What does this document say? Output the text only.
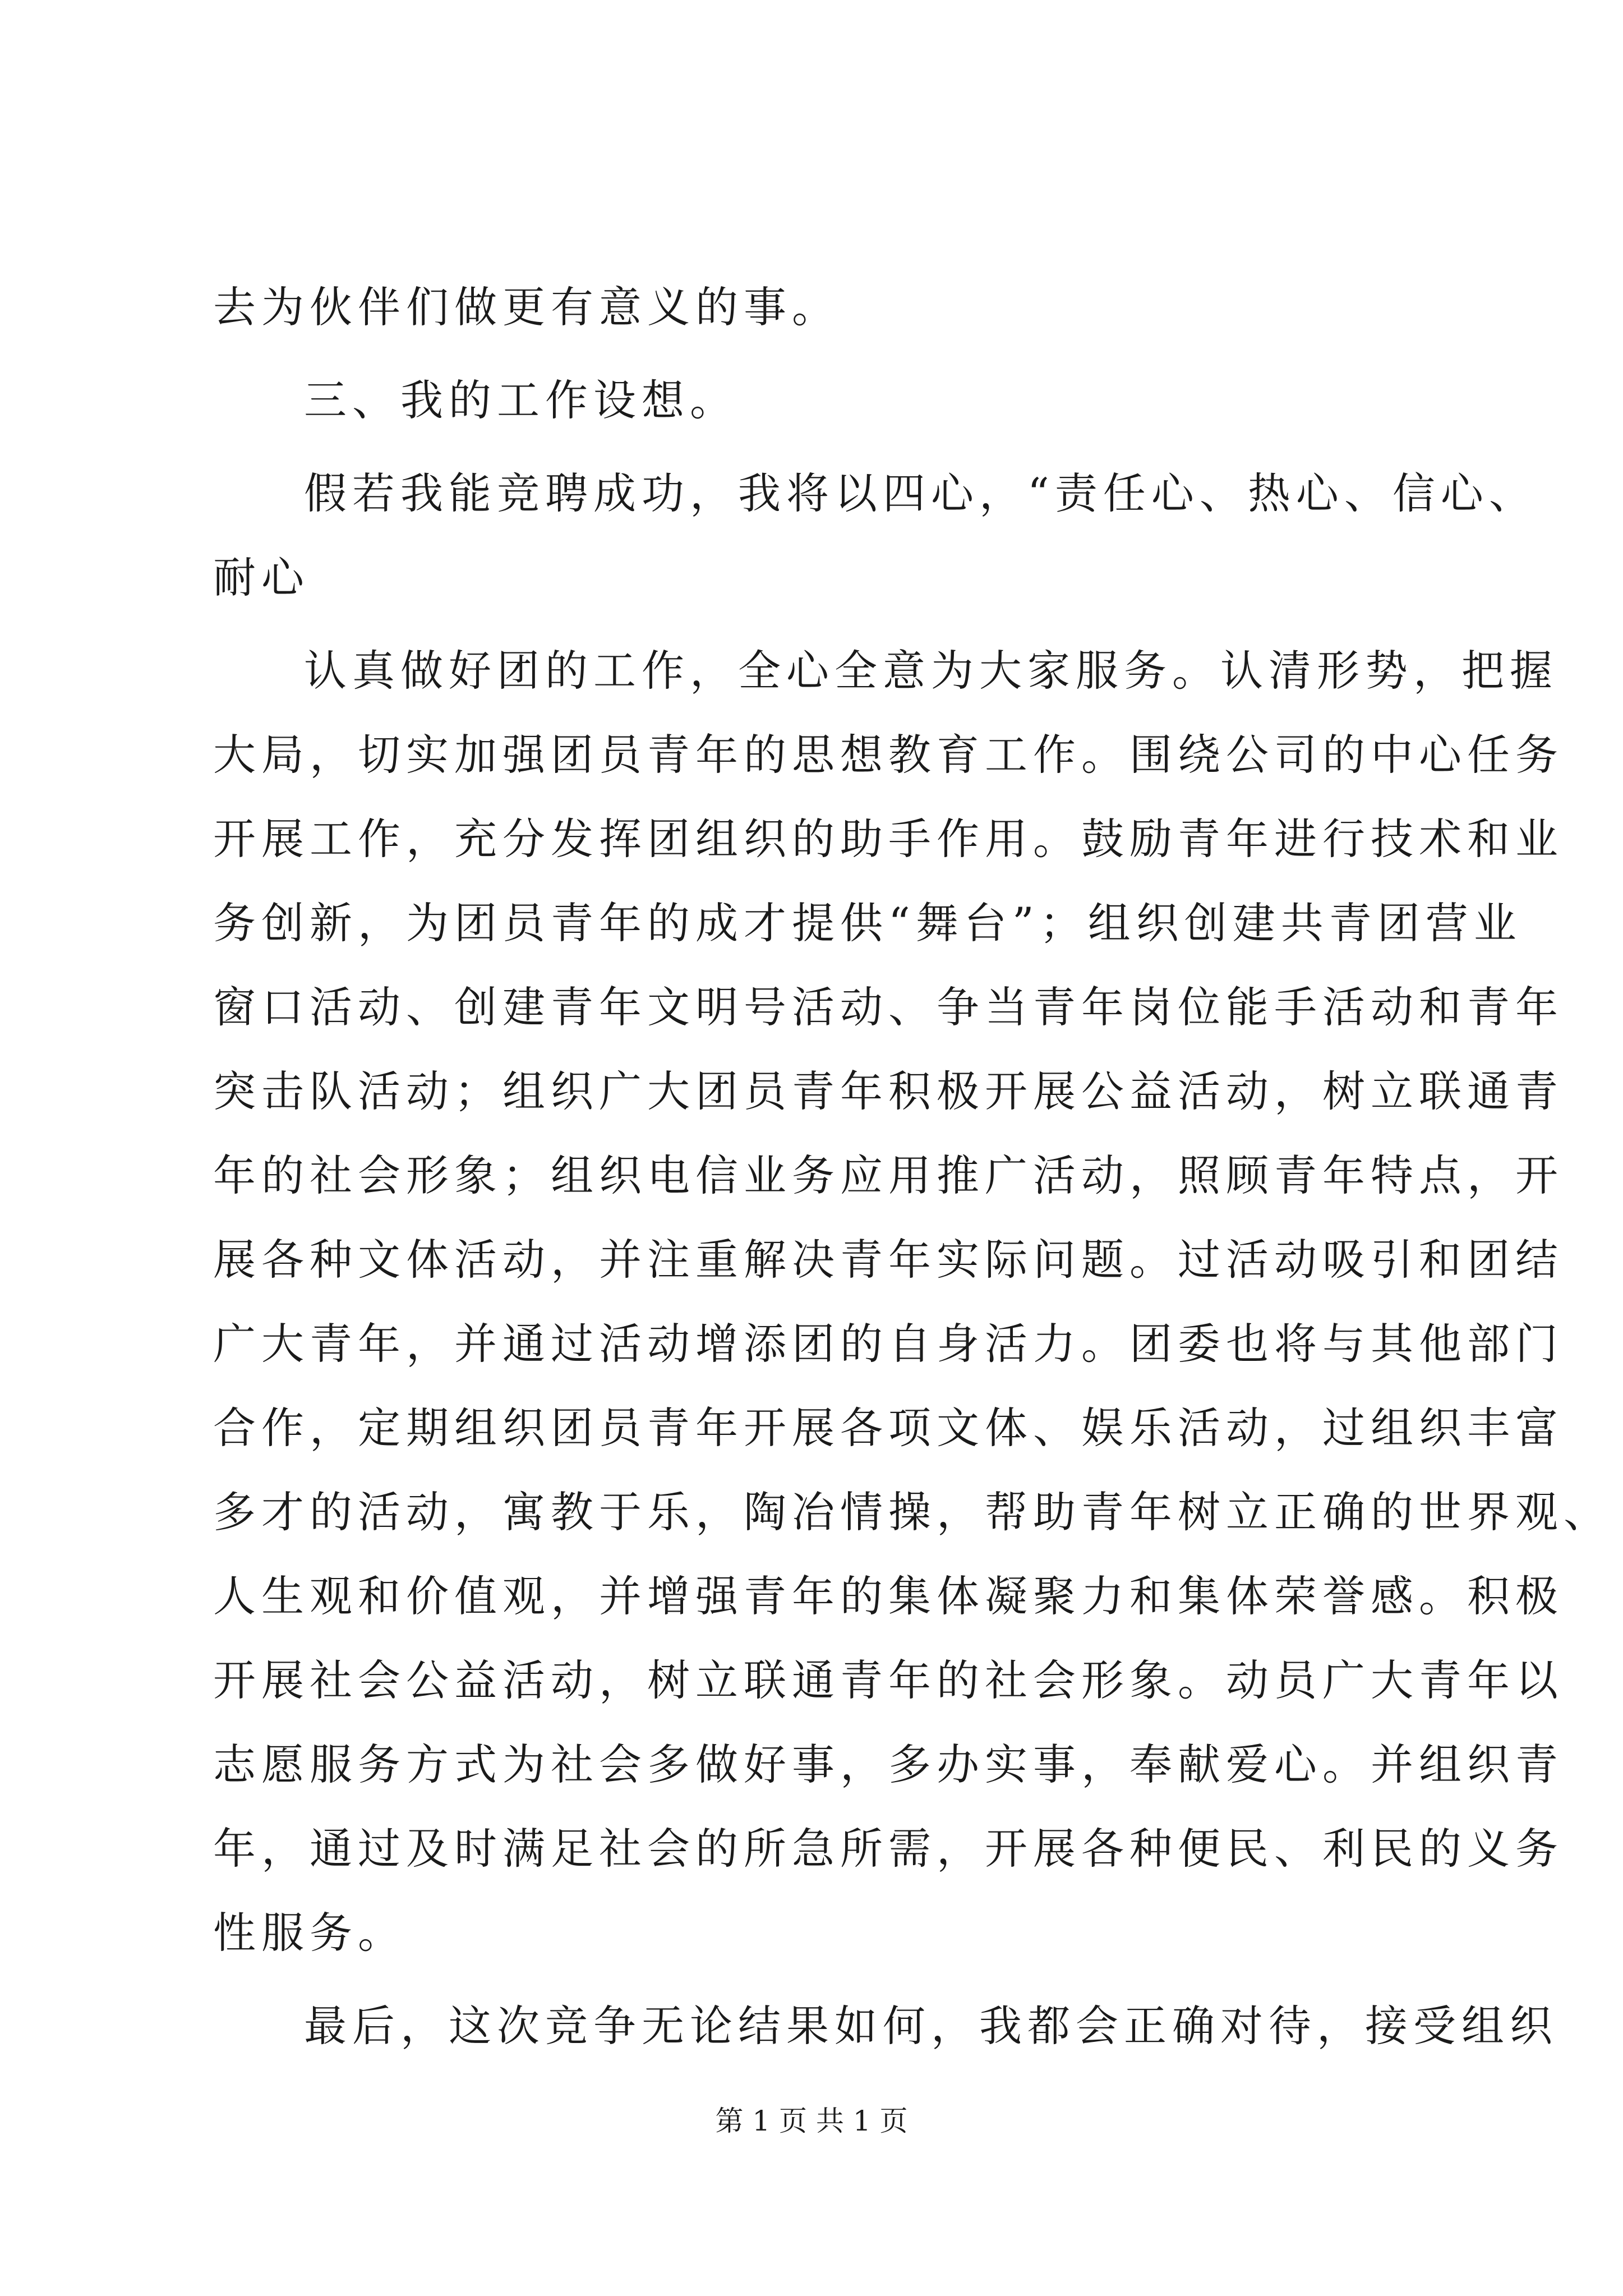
去为伙伴们做更有意义的事。

三、我的工作设想。

假若我能竞聘成功，我将以四心，“责任心、热心、信心、

耐心

认真做好团的工作，全心全意为大家服务。认清形势，把握

大局，切实加强团员青年的思想教育工作。围绕公司的中心任务

开展工作，充分发挥团组织的助手作用。鼓励青年进行技术和业

务创新，为团员青年的成才提供“舞台”；组织创建共青团营业

窗口活动、创建青年文明号活动、争当青年岗位能手活动和青年

突击队活动；组织广大团员青年积极开展公益活动，树立联通青

年的社会形象；组织电信业务应用推广活动，照顾青年特点，开

展各种文体活动，并注重解决青年实际问题。过活动吸引和团结

广大青年，并通过活动增添团的自身活力。团委也将与其他部门

合作，定期组织团员青年开展各项文体、娱乐活动，过组织丰富

多才的活动，寓教于乐，陶冶情操，帮助青年树立正确的世界观、

人生观和价值观，并增强青年的集体凝聚力和集体荣誉感。积极

开展社会公益活动，树立联通青年的社会形象。动员广大青年以

志愿服务方式为社会多做好事，多办实事，奉献爱心。并组织青

年，通过及时满足社会的所急所需，开展各种便民、利民的义务

性服务。

最后，这次竞争无论结果如何，我都会正确对待，接受组织

第 1 页 共 1 页
